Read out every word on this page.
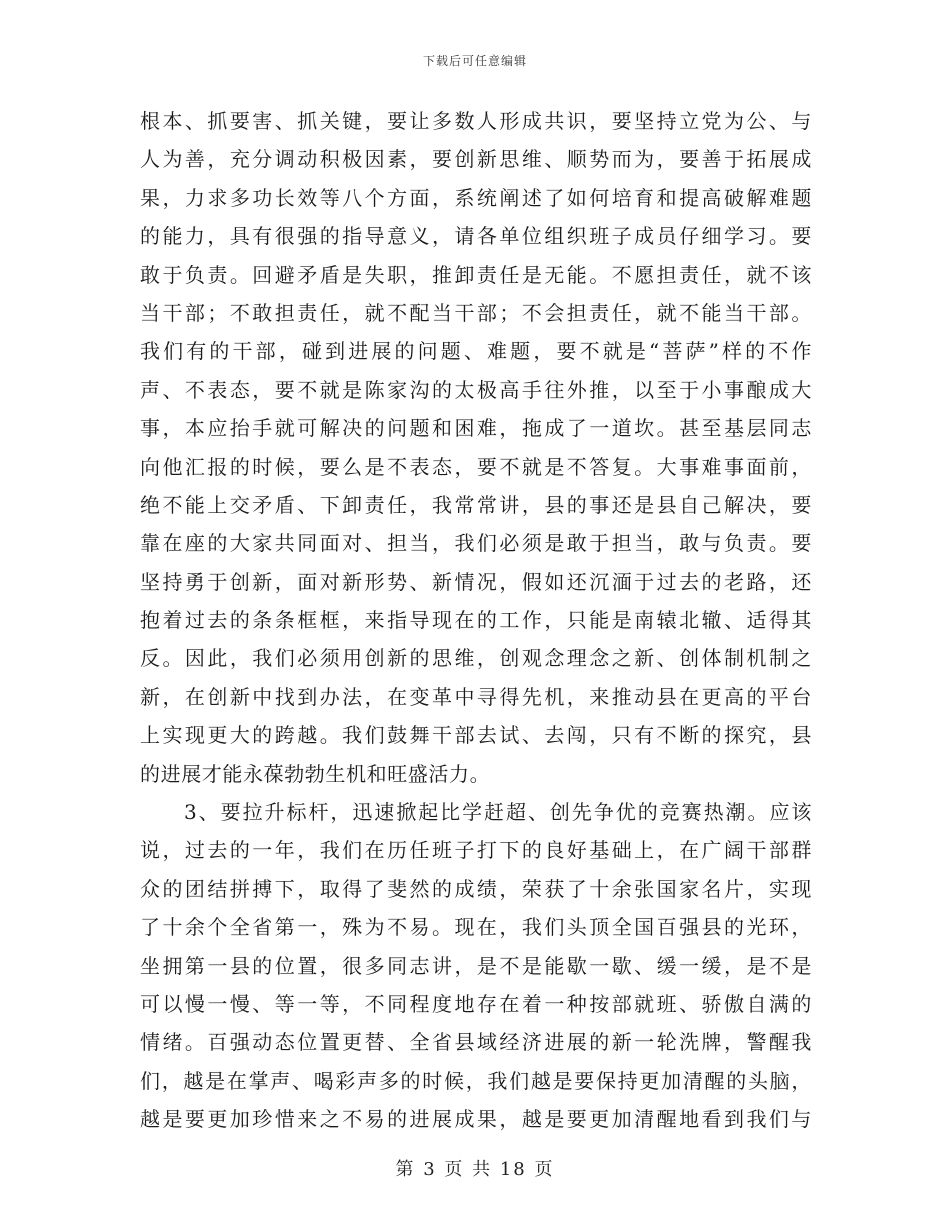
下载后可任意编辑
根本、抓要害、抓关键，要让多数人形成共识，要坚持立党为公、与
人为善，充分调动积极因素，要创新思维、顺势而为，要善于拓展成
果，力求多功长效等八个方面，系统阐述了如何培育和提高破解难题
的能力，具有很强的指导意义，请各单位组织班子成员仔细学习。要
敢于负责。回避矛盾是失职，推卸责任是无能。不愿担责任，就不该
当干部；不敢担责任，就不配当干部；不会担责任，就不能当干部。
我们有的干部，碰到进展的问题、难题，要不就是“菩萨”样的不作
声、不表态，要不就是陈家沟的太极高手往外推，以至于小事酿成大
事，本应抬手就可解决的问题和困难，拖成了一道坎。甚至基层同志
向他汇报的时候，要么是不表态，要不就是不答复。大事难事面前，
绝不能上交矛盾、下卸责任，我常常讲，县的事还是县自己解决，要
靠在座的大家共同面对、担当，我们必须是敢于担当，敢与负责。要
坚持勇于创新，面对新形势、新情况，假如还沉湎于过去的老路，还
抱着过去的条条框框，来指导现在的工作，只能是南辕北辙、适得其
反。因此，我们必须用创新的思维，创观念理念之新、创体制机制之
新，在创新中找到办法，在变革中寻得先机，来推动县在更高的平台
上实现更大的跨越。我们鼓舞干部去试、去闯，只有不断的探究，县
的进展才能永葆勃勃生机和旺盛活力。
3、要拉升标杆，迅速掀起比学赶超、创先争优的竞赛热潮。应该
说，过去的一年，我们在历任班子打下的良好基础上，在广阔干部群
众的团结拼搏下，取得了斐然的成绩，荣获了十余张国家名片，实现
了十余个全省第一，殊为不易。现在，我们头顶全国百强县的光环，
坐拥第一县的位置，很多同志讲，是不是能歇一歇、缓一缓，是不是
可以慢一慢、等一等，不同程度地存在着一种按部就班、骄傲自满的
情绪。百强动态位置更替、全省县域经济进展的新一轮洗牌，警醒我
们，越是在掌声、喝彩声多的时候，我们越是要保持更加清醒的头脑，
越是要更加珍惜来之不易的进展成果，越是要更加清醒地看到我们与
第 3 页 共 18 页
